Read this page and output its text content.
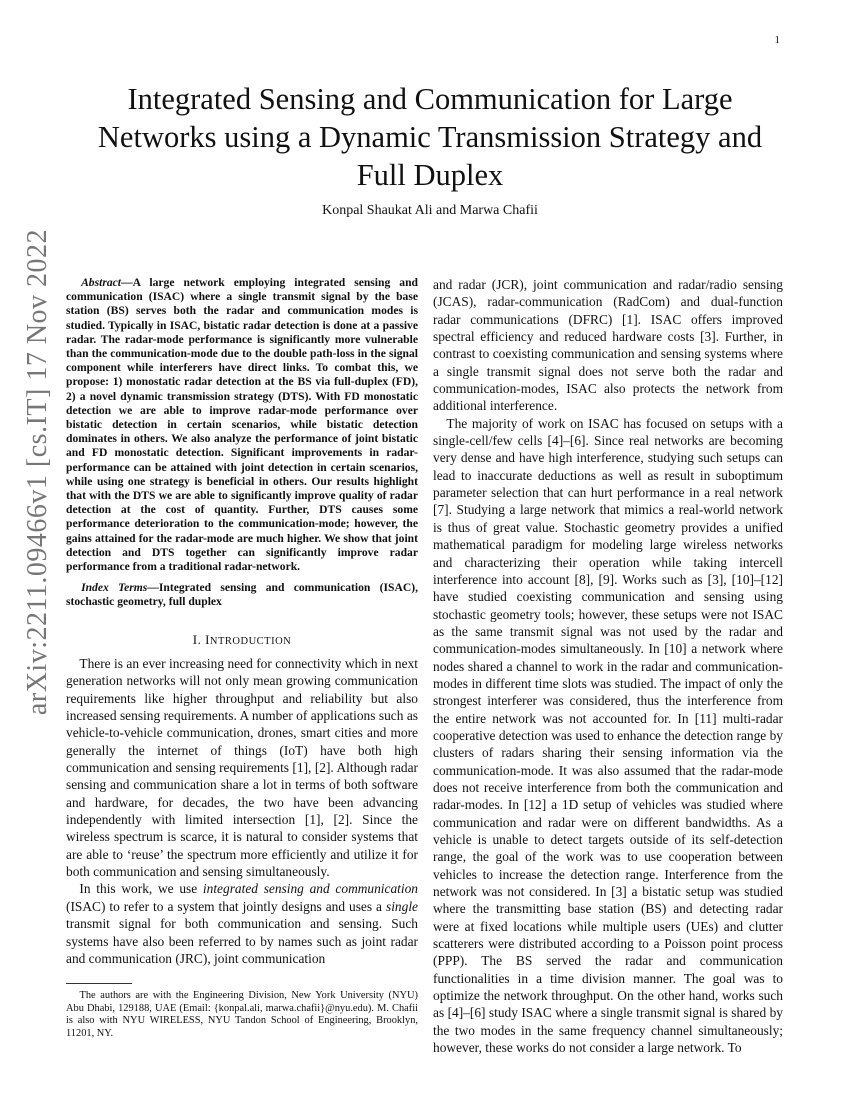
1
arXiv:2211.09466v1 [cs.IT] 17 Nov 2022
Integrated Sensing and Communication for Large Networks using a Dynamic Transmission Strategy and Full Duplex
Konpal Shaukat Ali and Marwa Chafii

Abstract—A large network employing integrated sensing and communication (ISAC) where a single transmit signal by the base station (BS) serves both the radar and communication modes is studied. Typically in ISAC, bistatic radar detection is done at a passive radar. The radar-mode performance is significantly more vulnerable than the communication-mode due to the double path-loss in the signal component while interferers have direct links. To combat this, we propose: 1) monostatic radar detection at the BS via full-duplex (FD), 2) a novel dynamic transmission strategy (DTS). With FD monostatic detection we are able to improve radar-mode performance over bistatic detection in certain scenarios, while bistatic detection dominates in others. We also analyze the performance of joint bistatic and FD monostatic detection. Significant improvements in radar-performance can be attained with joint detection in certain scenarios, while using one strategy is beneficial in others. Our results highlight that with the DTS we are able to significantly improve quality of radar detection at the cost of quantity. Further, DTS causes some performance deterioration to the communication-mode; however, the gains attained for the radar-mode are much higher. We show that joint detection and DTS together can significantly improve radar performance from a traditional radar-network.

Index Terms—Integrated sensing and communication (ISAC), stochastic geometry, full duplex

I. INTRODUCTION

There is an ever increasing need for connectivity which in next generation networks will not only mean growing communication requirements like higher throughput and reliability but also increased sensing requirements. A number of applications such as vehicle-to-vehicle communication, drones, smart cities and more generally the internet of things (IoT) have both high communication and sensing requirements [1], [2]. Although radar sensing and communication share a lot in terms of both software and hardware, for decades, the two have been advancing independently with limited intersection [1], [2]. Since the wireless spectrum is scarce, it is natural to consider systems that are able to ‘reuse’ the spectrum more efficiently and utilize it for both communication and sensing simultaneously.

In this work, we use integrated sensing and communication (ISAC) to refer to a system that jointly designs and uses a single transmit signal for both communication and sensing. Such systems have also been referred to by names such as joint radar and communication (JRC), joint communication

The authors are with the Engineering Division, New York University (NYU) Abu Dhabi, 129188, UAE (Email: {konpal.ali, marwa.chafii}@nyu.edu). M. Chafii is also with NYU WIRELESS, NYU Tandon School of Engineering, Brooklyn, 11201, NY.

and radar (JCR), joint communication and radar/radio sensing (JCAS), radar-communication (RadCom) and dual-function radar communications (DFRC) [1]. ISAC offers improved spectral efficiency and reduced hardware costs [3]. Further, in contrast to coexisting communication and sensing systems where a single transmit signal does not serve both the radar and communication-modes, ISAC also protects the network from additional interference.

The majority of work on ISAC has focused on setups with a single-cell/few cells [4]–[6]. Since real networks are becoming very dense and have high interference, studying such setups can lead to inaccurate deductions as well as result in suboptimum parameter selection that can hurt performance in a real network [7]. Studying a large network that mimics a real-world network is thus of great value. Stochastic geometry provides a unified mathematical paradigm for modeling large wireless networks and characterizing their operation while taking intercell interference into account [8], [9]. Works such as [3], [10]–[12] have studied coexisting communication and sensing using stochastic geometry tools; however, these setups were not ISAC as the same transmit signal was not used by the radar and communication-modes simultaneously. In [10] a network where nodes shared a channel to work in the radar and communication-modes in different time slots was studied. The impact of only the strongest interferer was considered, thus the interference from the entire network was not accounted for. In [11] multi-radar cooperative detection was used to enhance the detection range by clusters of radars sharing their sensing information via the communication-mode. It was also assumed that the radar-mode does not receive interference from both the communication and radar-modes. In [12] a 1D setup of vehicles was studied where communication and radar were on different bandwidths. As a vehicle is unable to detect targets outside of its self-detection range, the goal of the work was to use cooperation between vehicles to increase the detection range. Interference from the network was not considered. In [3] a bistatic setup was studied where the transmitting base station (BS) and detecting radar were at fixed locations while multiple users (UEs) and clutter scatterers were distributed according to a Poisson point process (PPP). The BS served the radar and communication functionalities in a time division manner. The goal was to optimize the network throughput. On the other hand, works such as [4]–[6] study ISAC where a single transmit signal is shared by the two modes in the same frequency channel simultaneously; however, these works do not consider a large network. To
